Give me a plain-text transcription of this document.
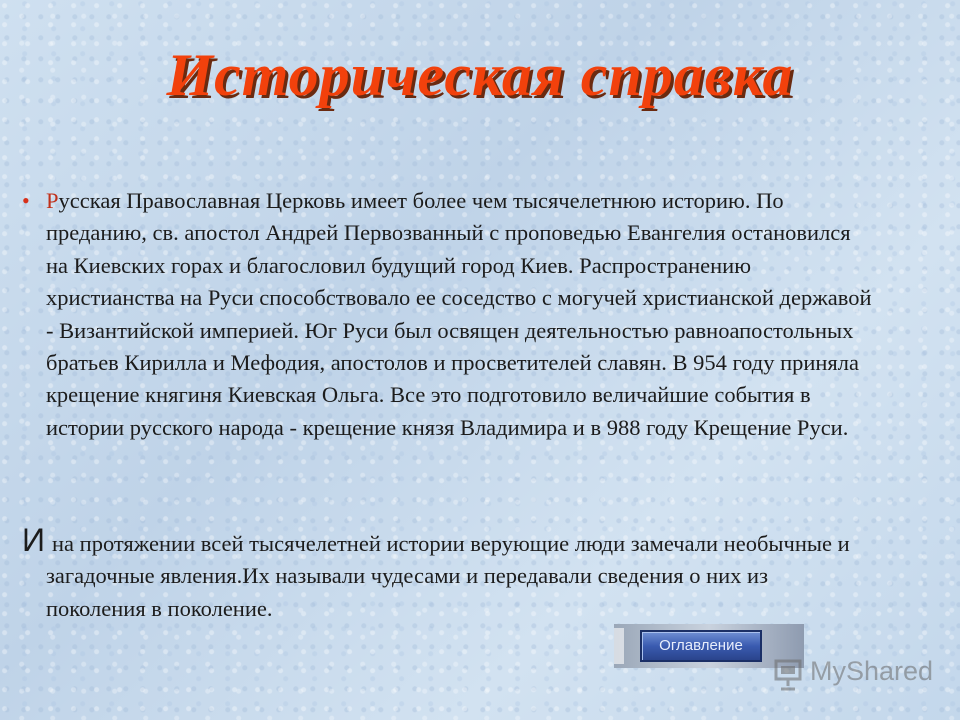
Историческая справка
• Русская Православная Церковь имеет более чем тысячелетнюю историю. По преданию, св. апостол Андрей Первозванный с проповедью Евангелия остановился на Киевских горах и благословил будущий город Киев. Распространению христианства на Руси способствовало ее соседство с могучей христианской державой - Византийской империей. Юг Руси был освящен деятельностью равноапостольных братьев Кирилла и Мефодия, апостолов и просветителей славян. В 954 году приняла крещение княгиня Киевская Ольга. Все это подготовило величайшие события в истории русского народа - крещение князя Владимира и в 988 году Крещение Руси.
И на протяжении всей тысячелетней истории верующие люди замечали необычные и загадочные явления.Их называли чудесами и передавали сведения о них из поколения в поколение.
Оглавление
MyShared
